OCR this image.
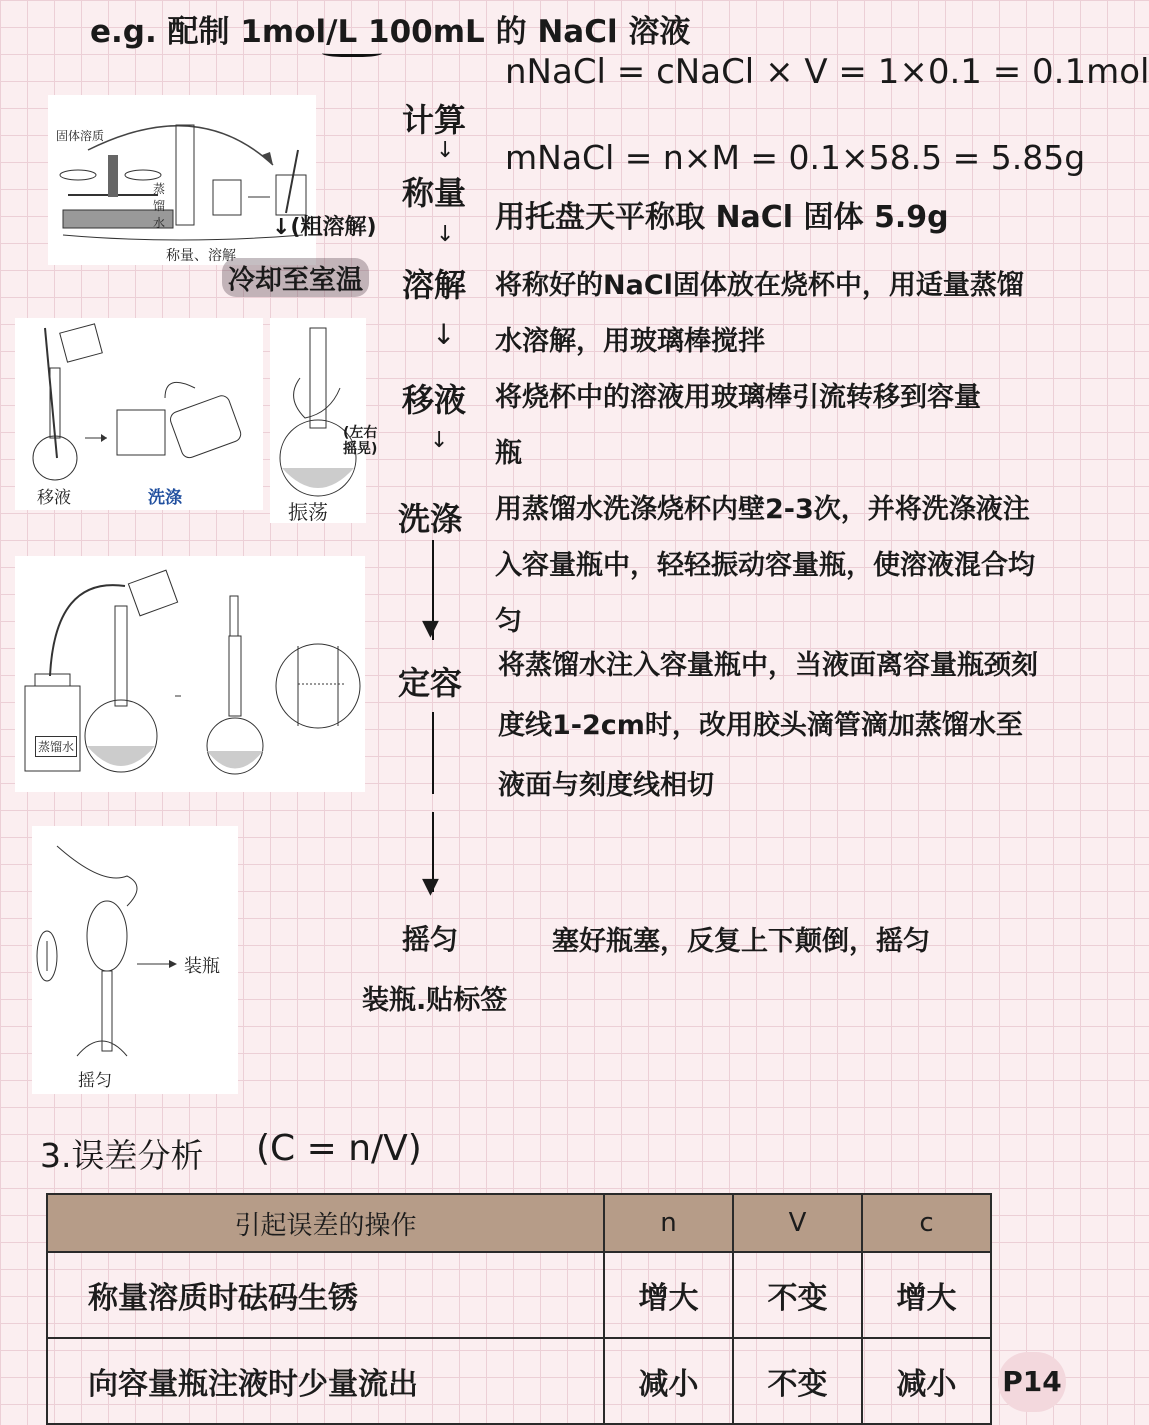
e.g. 配制 1mol/L 100mL 的 NaCl 溶液
nNaCl = cNaCl × V = 1×0.1 = 0.1mol
mNaCl = n×M = 0.1×58.5 = 5.85g
固体溶质
蒸馏水
称量、溶解
↓(粗溶解)
冷却至室温
移液	洗涤
振荡
(左右摇晃)
蒸馏水
装瓶
摇匀
计算
↓
称量
↓
溶解
↓
移液
↓
洗涤
▼
定容
▼
摇匀
装瓶.贴标签
用托盘天平称取 NaCl 固体 5.9g
将称好的NaCl固体放在烧杯中，用适量蒸馏水溶解，用玻璃棒搅拌
将烧杯中的溶液用玻璃棒引流转移到容量瓶
用蒸馏水洗涤烧杯内壁2-3次，并将洗涤液注入容量瓶中，轻轻振动容量瓶，使溶液混合均匀
将蒸馏水注入容量瓶中，当液面离容量瓶颈刻度线1-2cm时，改用胶头滴管滴加蒸馏水至液面与刻度线相切
塞好瓶塞，反复上下颠倒，摇匀
3.误差分析 (C = n/V)
引起误差的操作	n	V	c
称量溶质时砝码生锈	增大	不变	增大
向容量瓶注液时少量流出	减小	不变	减小 P14
